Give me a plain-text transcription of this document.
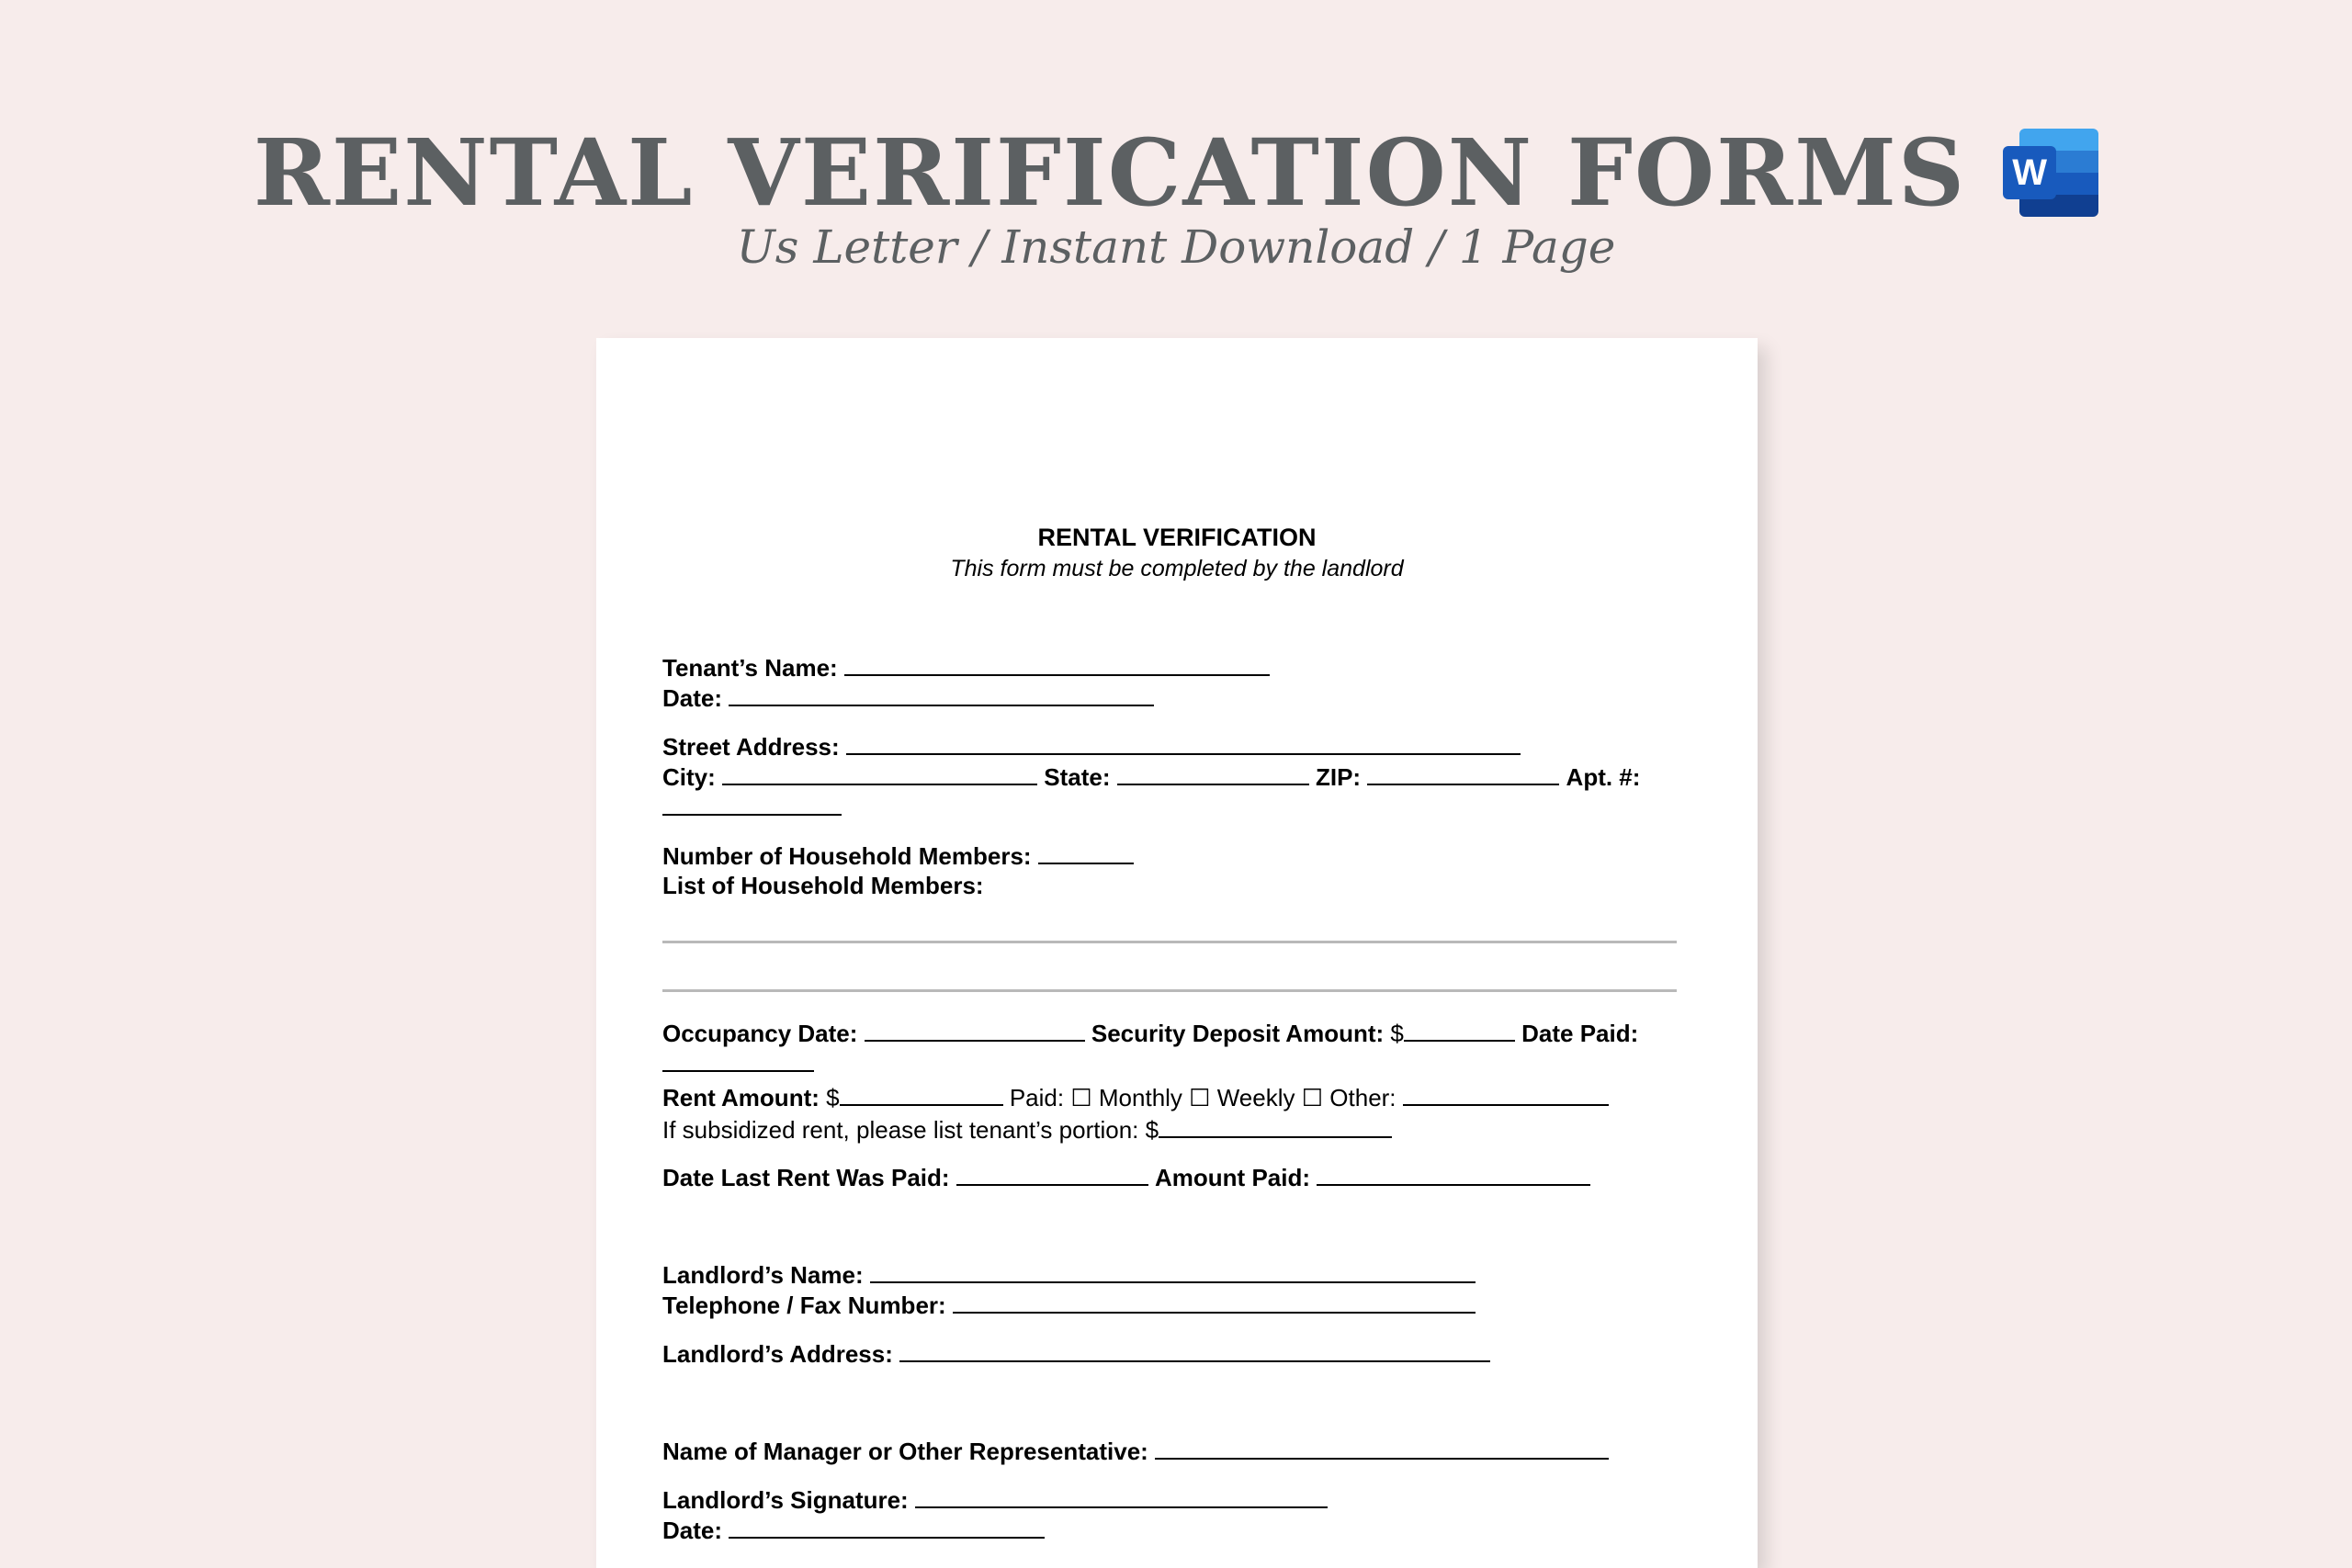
RENTAL VERIFICATION FORMS W
Us Letter / Instant Download / 1 Page
RENTAL VERIFICATION
This form must be completed by the landlord
Tenant’s Name:
Date:
Street Address:
City:	State:	ZIP:	Apt. #:
Number of Household Members:
List of Household Members:
Occupancy Date:	Security Deposit Amount: $	Date Paid:
Rent Amount: $	Paid: ☐ Monthly ☐ Weekly ☐ Other:
If subsidized rent, please list tenant’s portion: $
Date Last Rent Was Paid:	Amount Paid:
Landlord’s Name:
Telephone / Fax Number:
Landlord’s Address:
Name of Manager or Other Representative:
Landlord’s Signature:
Date:
